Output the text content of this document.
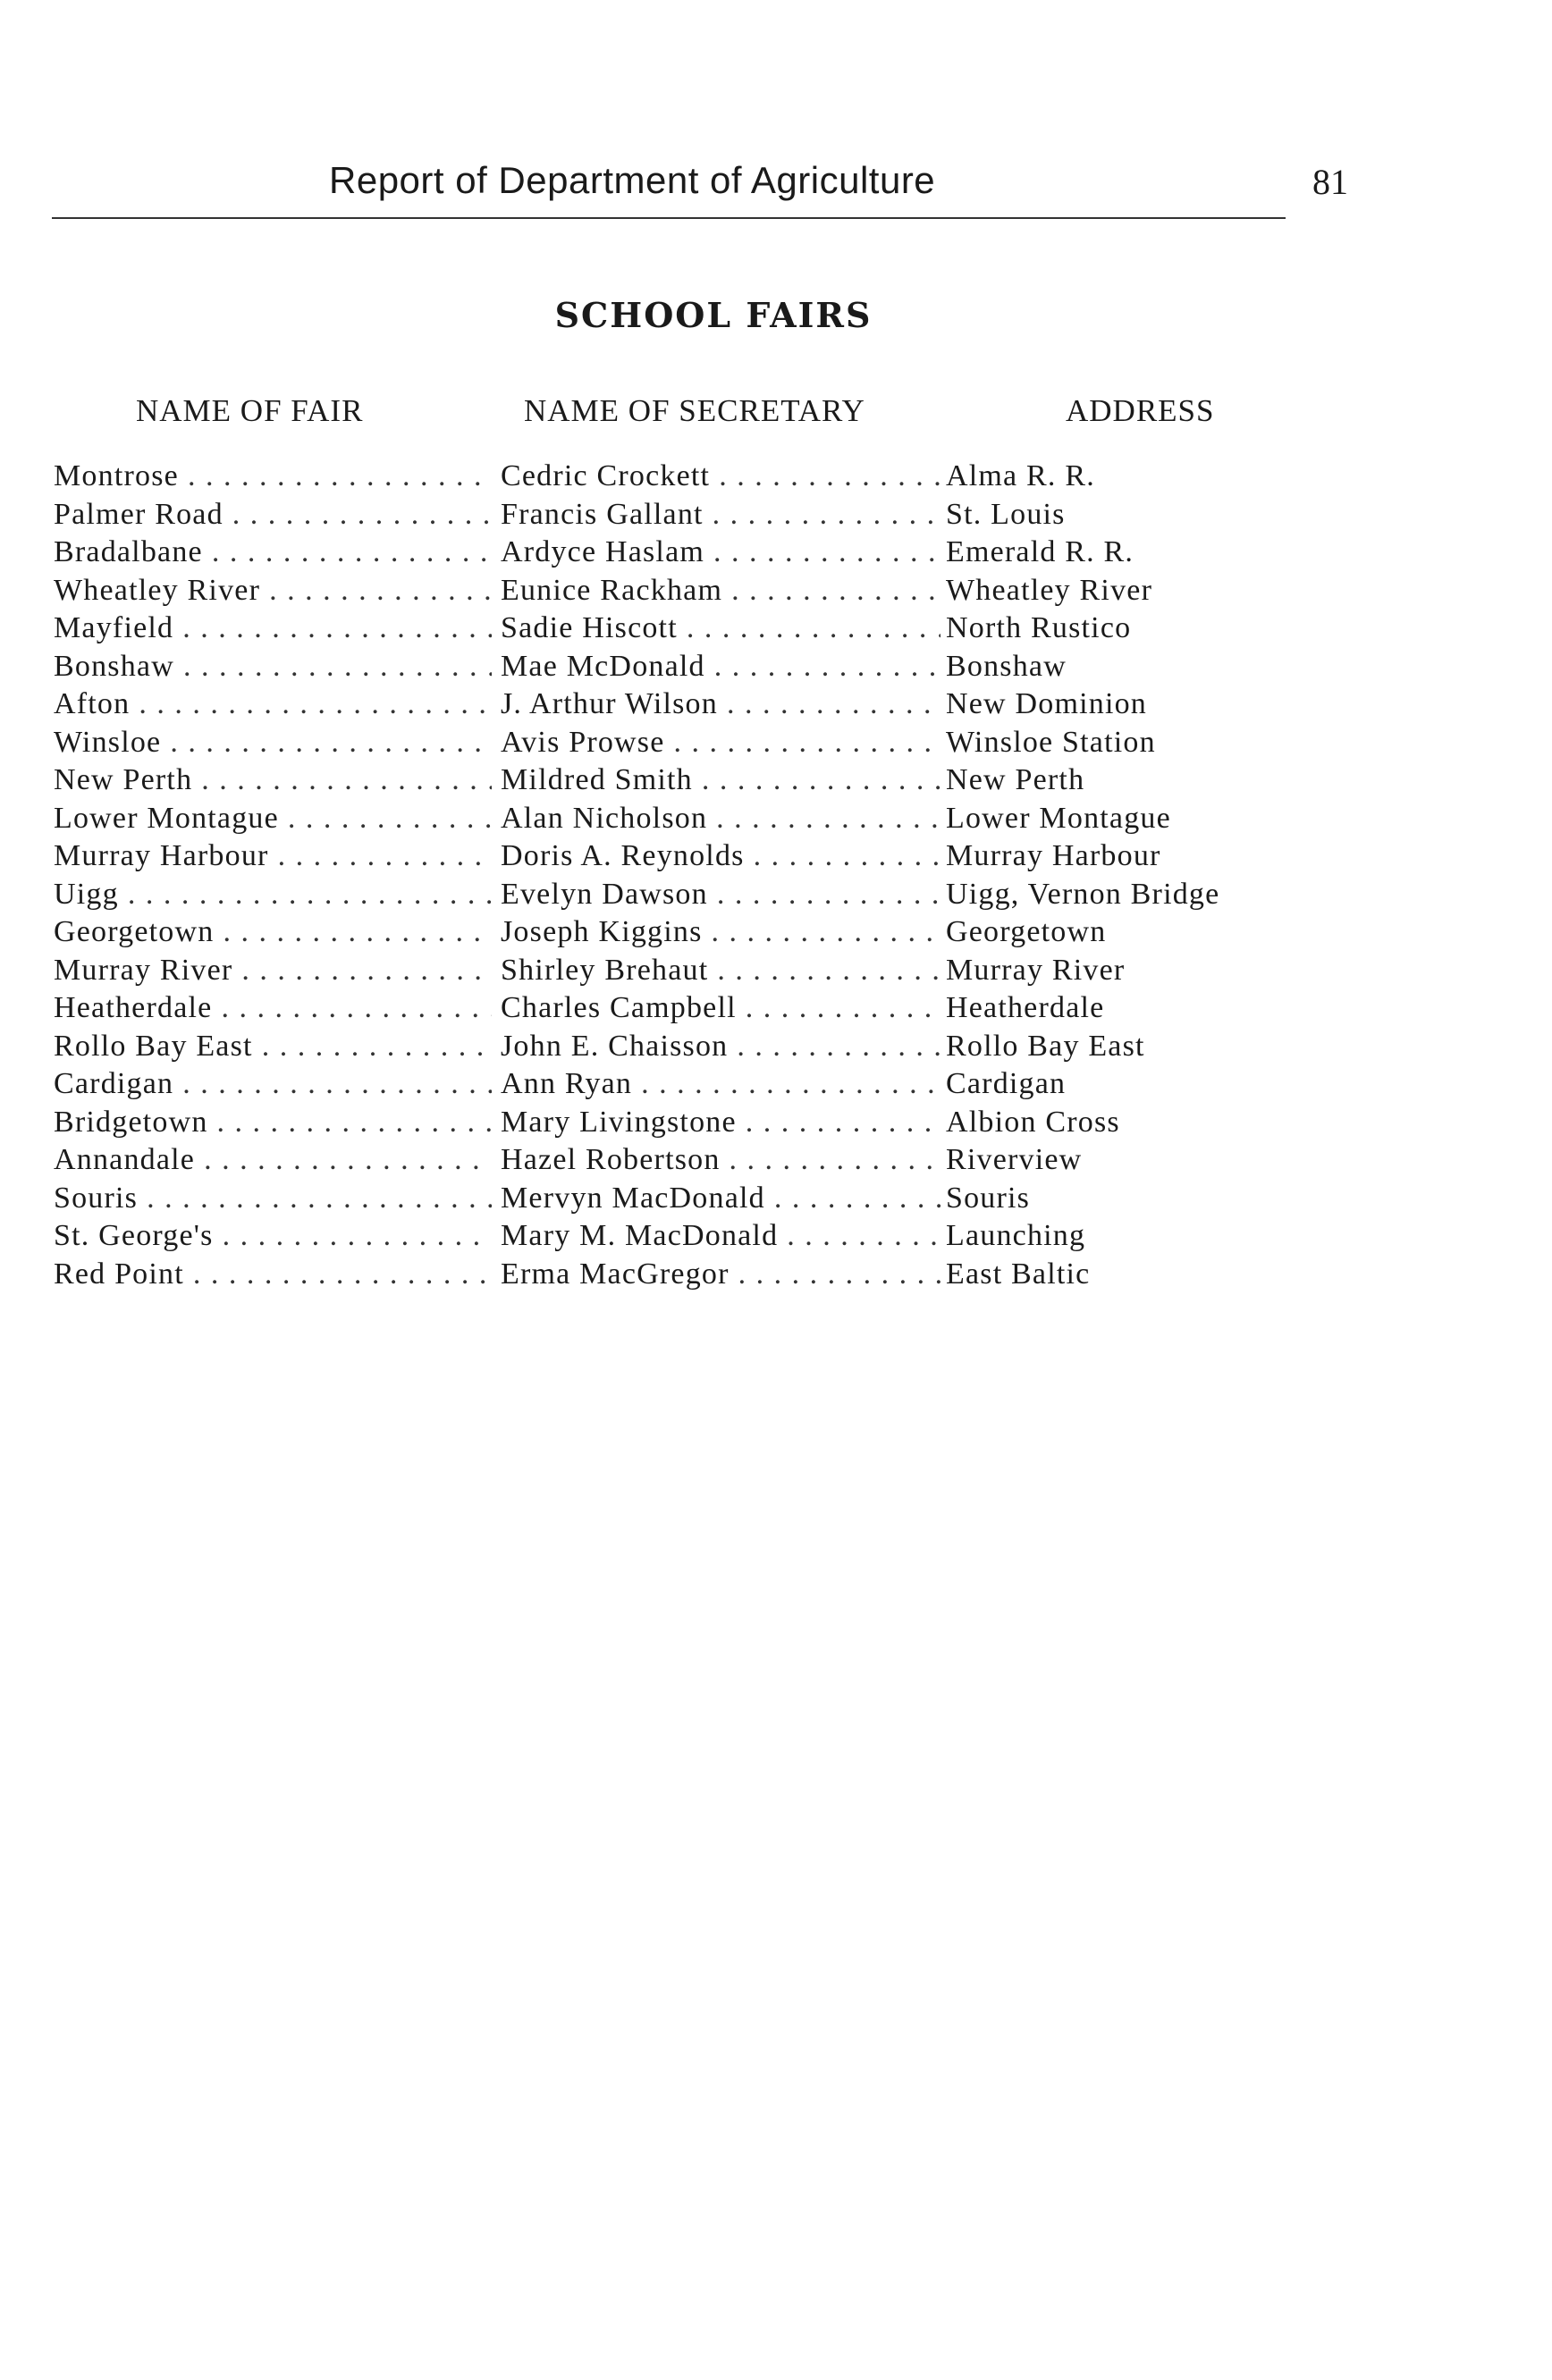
Report of Department of Agriculture	81
SCHOOL FAIRS
NAME OF FAIR	NAME OF SECRETARY	ADDRESS
Montrose . . .	Cedric Crockett . . .	Alma R. R.
Palmer Road . . .	Francis Gallant . . .	St. Louis
Bradalbane . . .	Ardyce Haslam . . .	Emerald R. R.
Wheatley River . . .	Eunice Rackham . . .	Wheatley River
Mayfield . . .	Sadie Hiscott . . .	North Rustico
Bonshaw . . .	Mae McDonald . . .	Bonshaw
Afton . . .	J. Arthur Wilson . . .	New Dominion
Winsloe . . .	Avis Prowse . . .	Winsloe Station
New Perth . . .	Mildred Smith . . .	New Perth
Lower Montague . . .	Alan Nicholson . . .	Lower Montague
Murray Harbour . . .	Doris A. Reynolds . . .	Murray Harbour
Uigg . . .	Evelyn Dawson . . .	Uigg, Vernon Bridge
Georgetown . . .	Joseph Kiggins . . .	Georgetown
Murray River . . .	Shirley Brehaut . . .	Murray River
Heatherdale . . .	Charles Campbell . . .	Heatherdale
Rollo Bay East . . .	John E. Chaisson . . .	Rollo Bay East
Cardigan . . .	Ann Ryan . . .	Cardigan
Bridgetown . . .	Mary Livingstone . . .	Albion Cross
Annandale . . .	Hazel Robertson . . .	Riverview
Souris . . .	Mervyn MacDonald . . .	Souris
St. George's . . .	Mary M. MacDonald . . .	Launching
Red Point . . .	Erma MacGregor . . .	East Baltic
